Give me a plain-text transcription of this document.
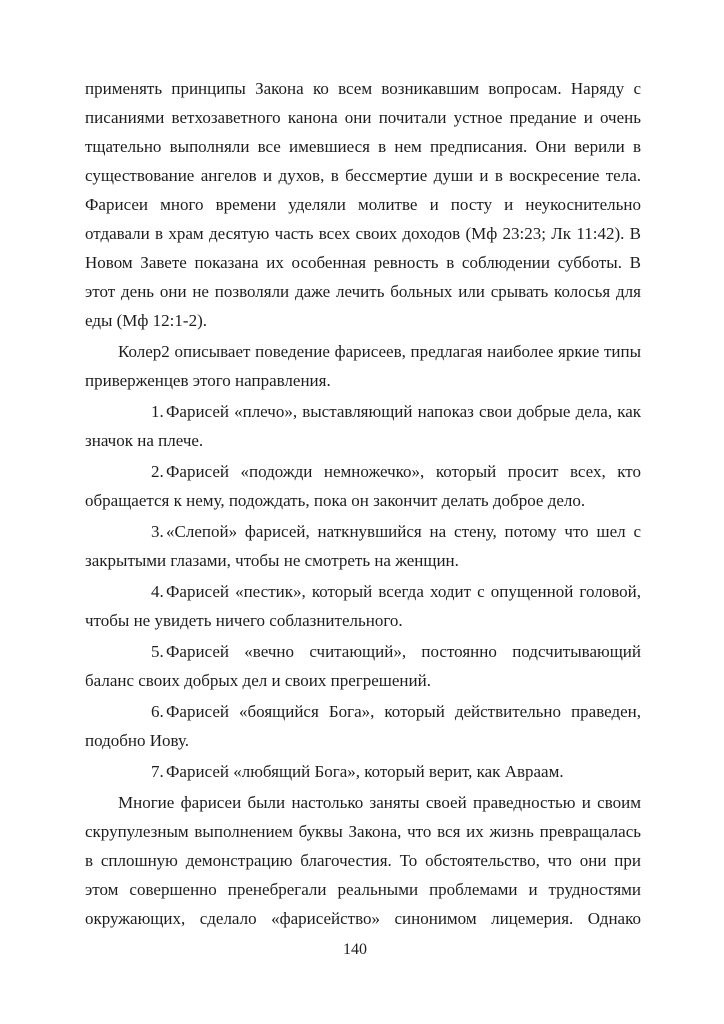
применять принципы Закона ко всем возникавшим вопросам. Наряду с писаниями ветхозаветного канона они почитали устное предание и очень тщательно выполняли все имевшиеся в нем предписания. Они верили в существование ангелов и духов, в бессмертие души и в воскресение тела. Фарисеи много времени уделяли молитве и посту и неукоснительно отдавали в храм десятую часть всех своих доходов (Мф 23:23; Лк 11:42). В Новом Завете показана их особенная ревность в соблюдении субботы. В этот день они не позволяли даже лечить больных или срывать колосья для еды (Мф 12:1-2).

Колер2 описывает поведение фарисеев, предлагая наиболее яркие типы приверженцев этого направления.

1. Фарисей «плечо», выставляющий напоказ свои добрые дела, как значок на плече.

2. Фарисей «подожди немножечко», который просит всех, кто обращается к нему, подождать, пока он закончит делать доброе дело.

3. «Слепой» фарисей, наткнувшийся на стену, потому что шел с закрытыми глазами, чтобы не смотреть на женщин.

4. Фарисей «пестик», который всегда ходит с опущенной головой, чтобы не увидеть ничего соблазнительного.

5. Фарисей «вечно считающий», постоянно подсчитывающий баланс своих добрых дел и своих прегрешений.

6. Фарисей «боящийся Бога», который действительно праведен, подобно Иову.

7. Фарисей «любящий Бога», который верит, как Авраам.

Многие фарисеи были настолько заняты своей праведностью и своим скрупулезным выполнением буквы Закона, что вся их жизнь превращалась в сплошную демонстрацию благочестия. То обстоятельство, что они при этом совершенно пренебрегали реальными проблемами и трудностями окружающих, сделало «фарисейство» синонимом лицемерия. Однако

140
